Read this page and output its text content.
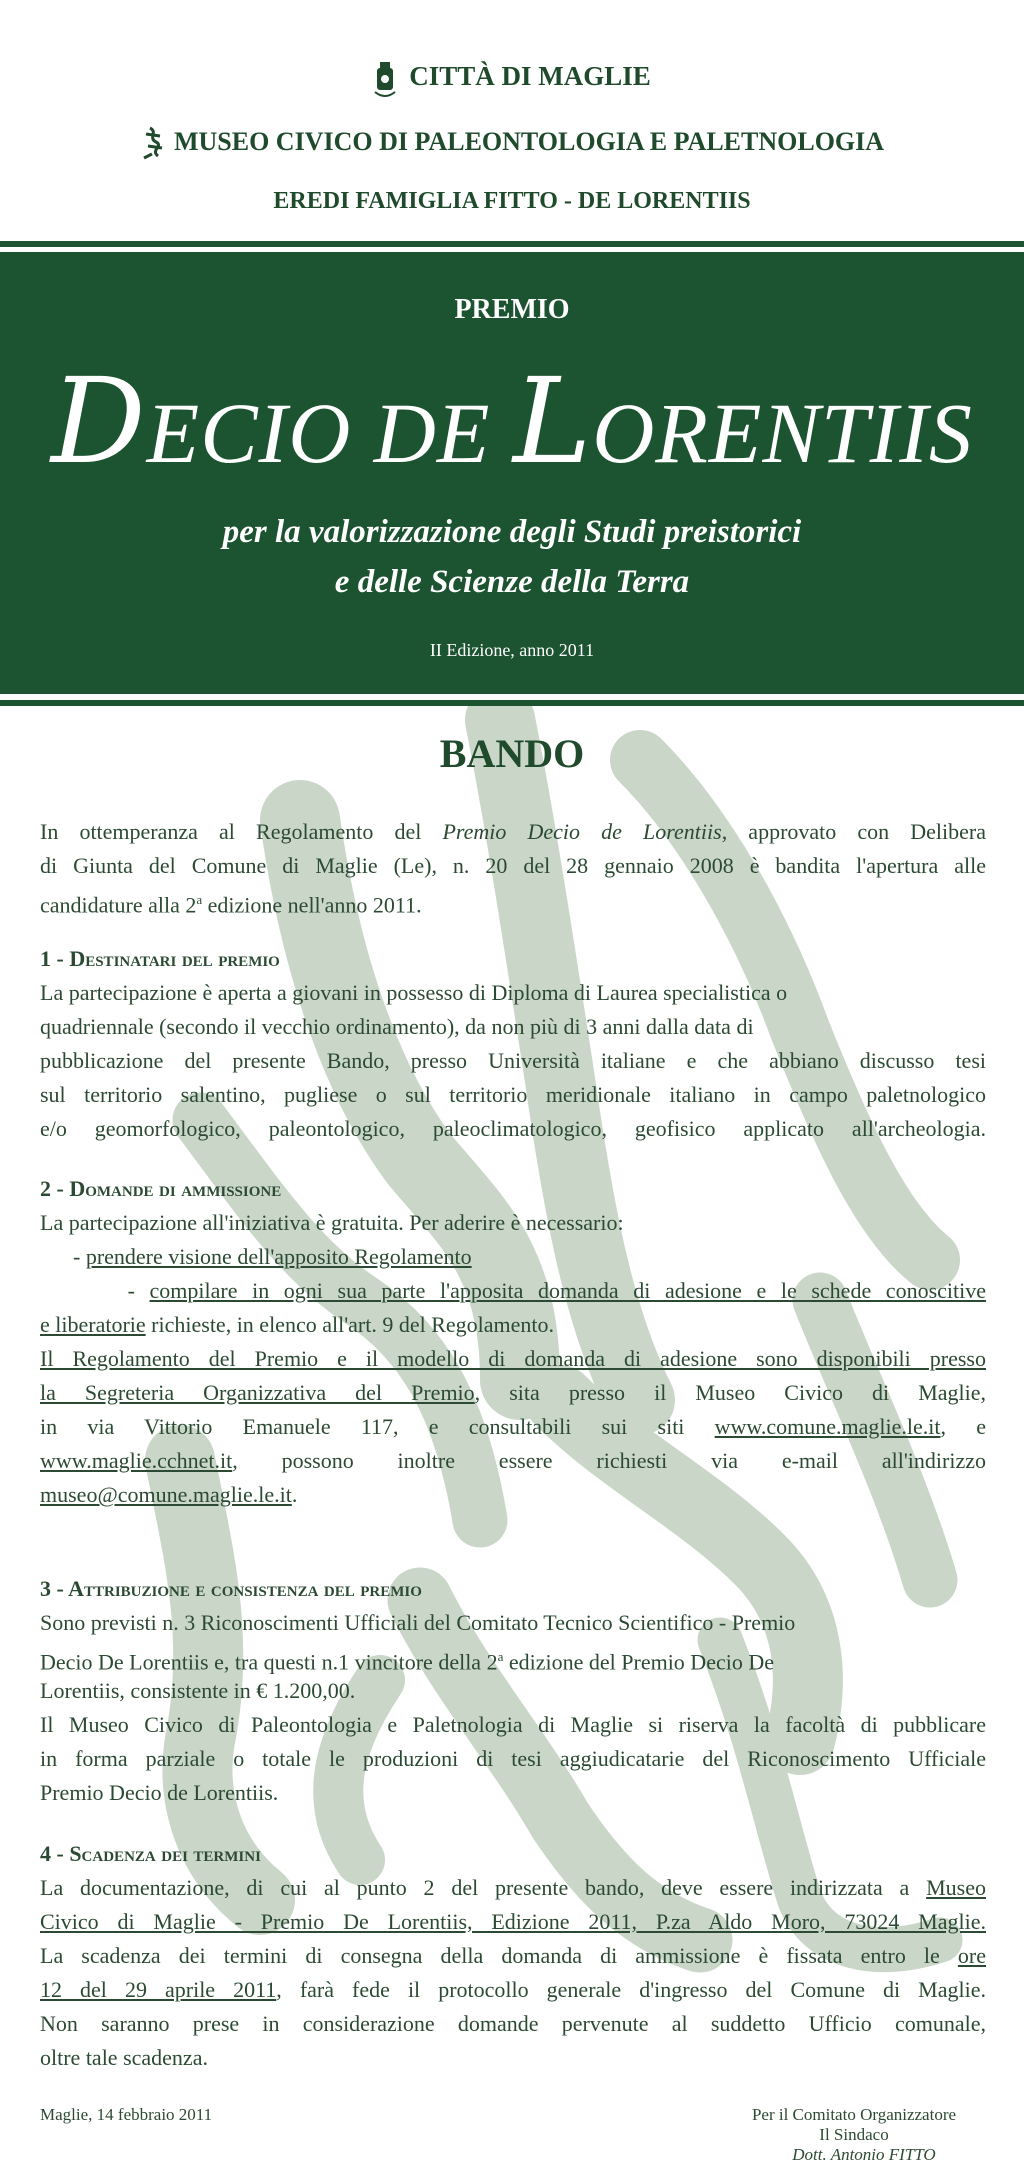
CITTÀ DI MAGLIE
MUSEO CIVICO DI PALEONTOLOGIA E PALETNOLOGIA
EREDI FAMIGLIA FITTO - DE LORENTIIS
PREMIO
DECIO DE LORENTIIS
per la valorizzazione degli Studi preistorici
e delle Scienze della Terra
II Edizione, anno 2011
BANDO
In ottemperanza al Regolamento del Premio Decio de Lorentiis, approvato con Delibera
di Giunta del Comune di Maglie (Le), n. 20 del 28 gennaio 2008 è bandita l'apertura alle
candidature alla 2$^a$ edizione nell'anno 2011.
1 - Destinatari del premio
La partecipazione è aperta a giovani in possesso di Diploma di Laurea specialistica o
quadriennale (secondo il vecchio ordinamento), da non più di 3 anni dalla data di
pubblicazione del presente Bando, presso Università italiane e che abbiano discusso tesi
sul territorio salentino, pugliese o sul territorio meridionale italiano in campo paletnologico
e/o geomorfologico, paleontologico, paleoclimatologico, geofisico applicato all'archeologia.
2 - Domande di ammissione
La partecipazione all'iniziativa è gratuita. Per aderire è necessario:
- prendere visione dell'apposito Regolamento
- compilare in ogni sua parte l'apposita domanda di adesione e le schede conoscitive
e liberatorie richieste, in elenco all'art. 9 del Regolamento.
Il Regolamento del Premio e il modello di domanda di adesione sono disponibili presso
la Segreteria Organizzativa del Premio, sita presso il Museo Civico di Maglie,
in via Vittorio Emanuele 117, e consultabili sui siti www.comune.maglie.le.it, e
www.maglie.cchnet.it, possono inoltre essere richiesti via e-mail all'indirizzo
museo@comune.maglie.le.it.
3 - Attribuzione e consistenza del premio
Sono previsti n. 3 Riconoscimenti Ufficiali del Comitato Tecnico Scientifico - Premio
Decio De Lorentiis e, tra questi n.1 vincitore della 2$^a$ edizione del Premio Decio De
Lorentiis, consistente in € 1.200,00.
Il Museo Civico di Paleontologia e Paletnologia di Maglie si riserva la facoltà di pubblicare
in forma parziale o totale le produzioni di tesi aggiudicatarie del Riconoscimento Ufficiale
Premio Decio de Lorentiis.
4 - Scadenza dei termini
La documentazione, di cui al punto 2 del presente bando, deve essere indirizzata a Museo
Civico di Maglie - Premio De Lorentiis, Edizione 2011, P.za Aldo Moro, 73024 Maglie.
La scadenza dei termini di consegna della domanda di ammissione è fissata entro le ore
12 del 29 aprile 2011, farà fede il protocollo generale d'ingresso del Comune di Maglie.
Non saranno prese in considerazione domande pervenute al suddetto Ufficio comunale,
oltre tale scadenza.
Maglie, 14 febbraio 2011	Per il Comitato Organizzatore
Il Sindaco
Dott. Antonio FITTO
